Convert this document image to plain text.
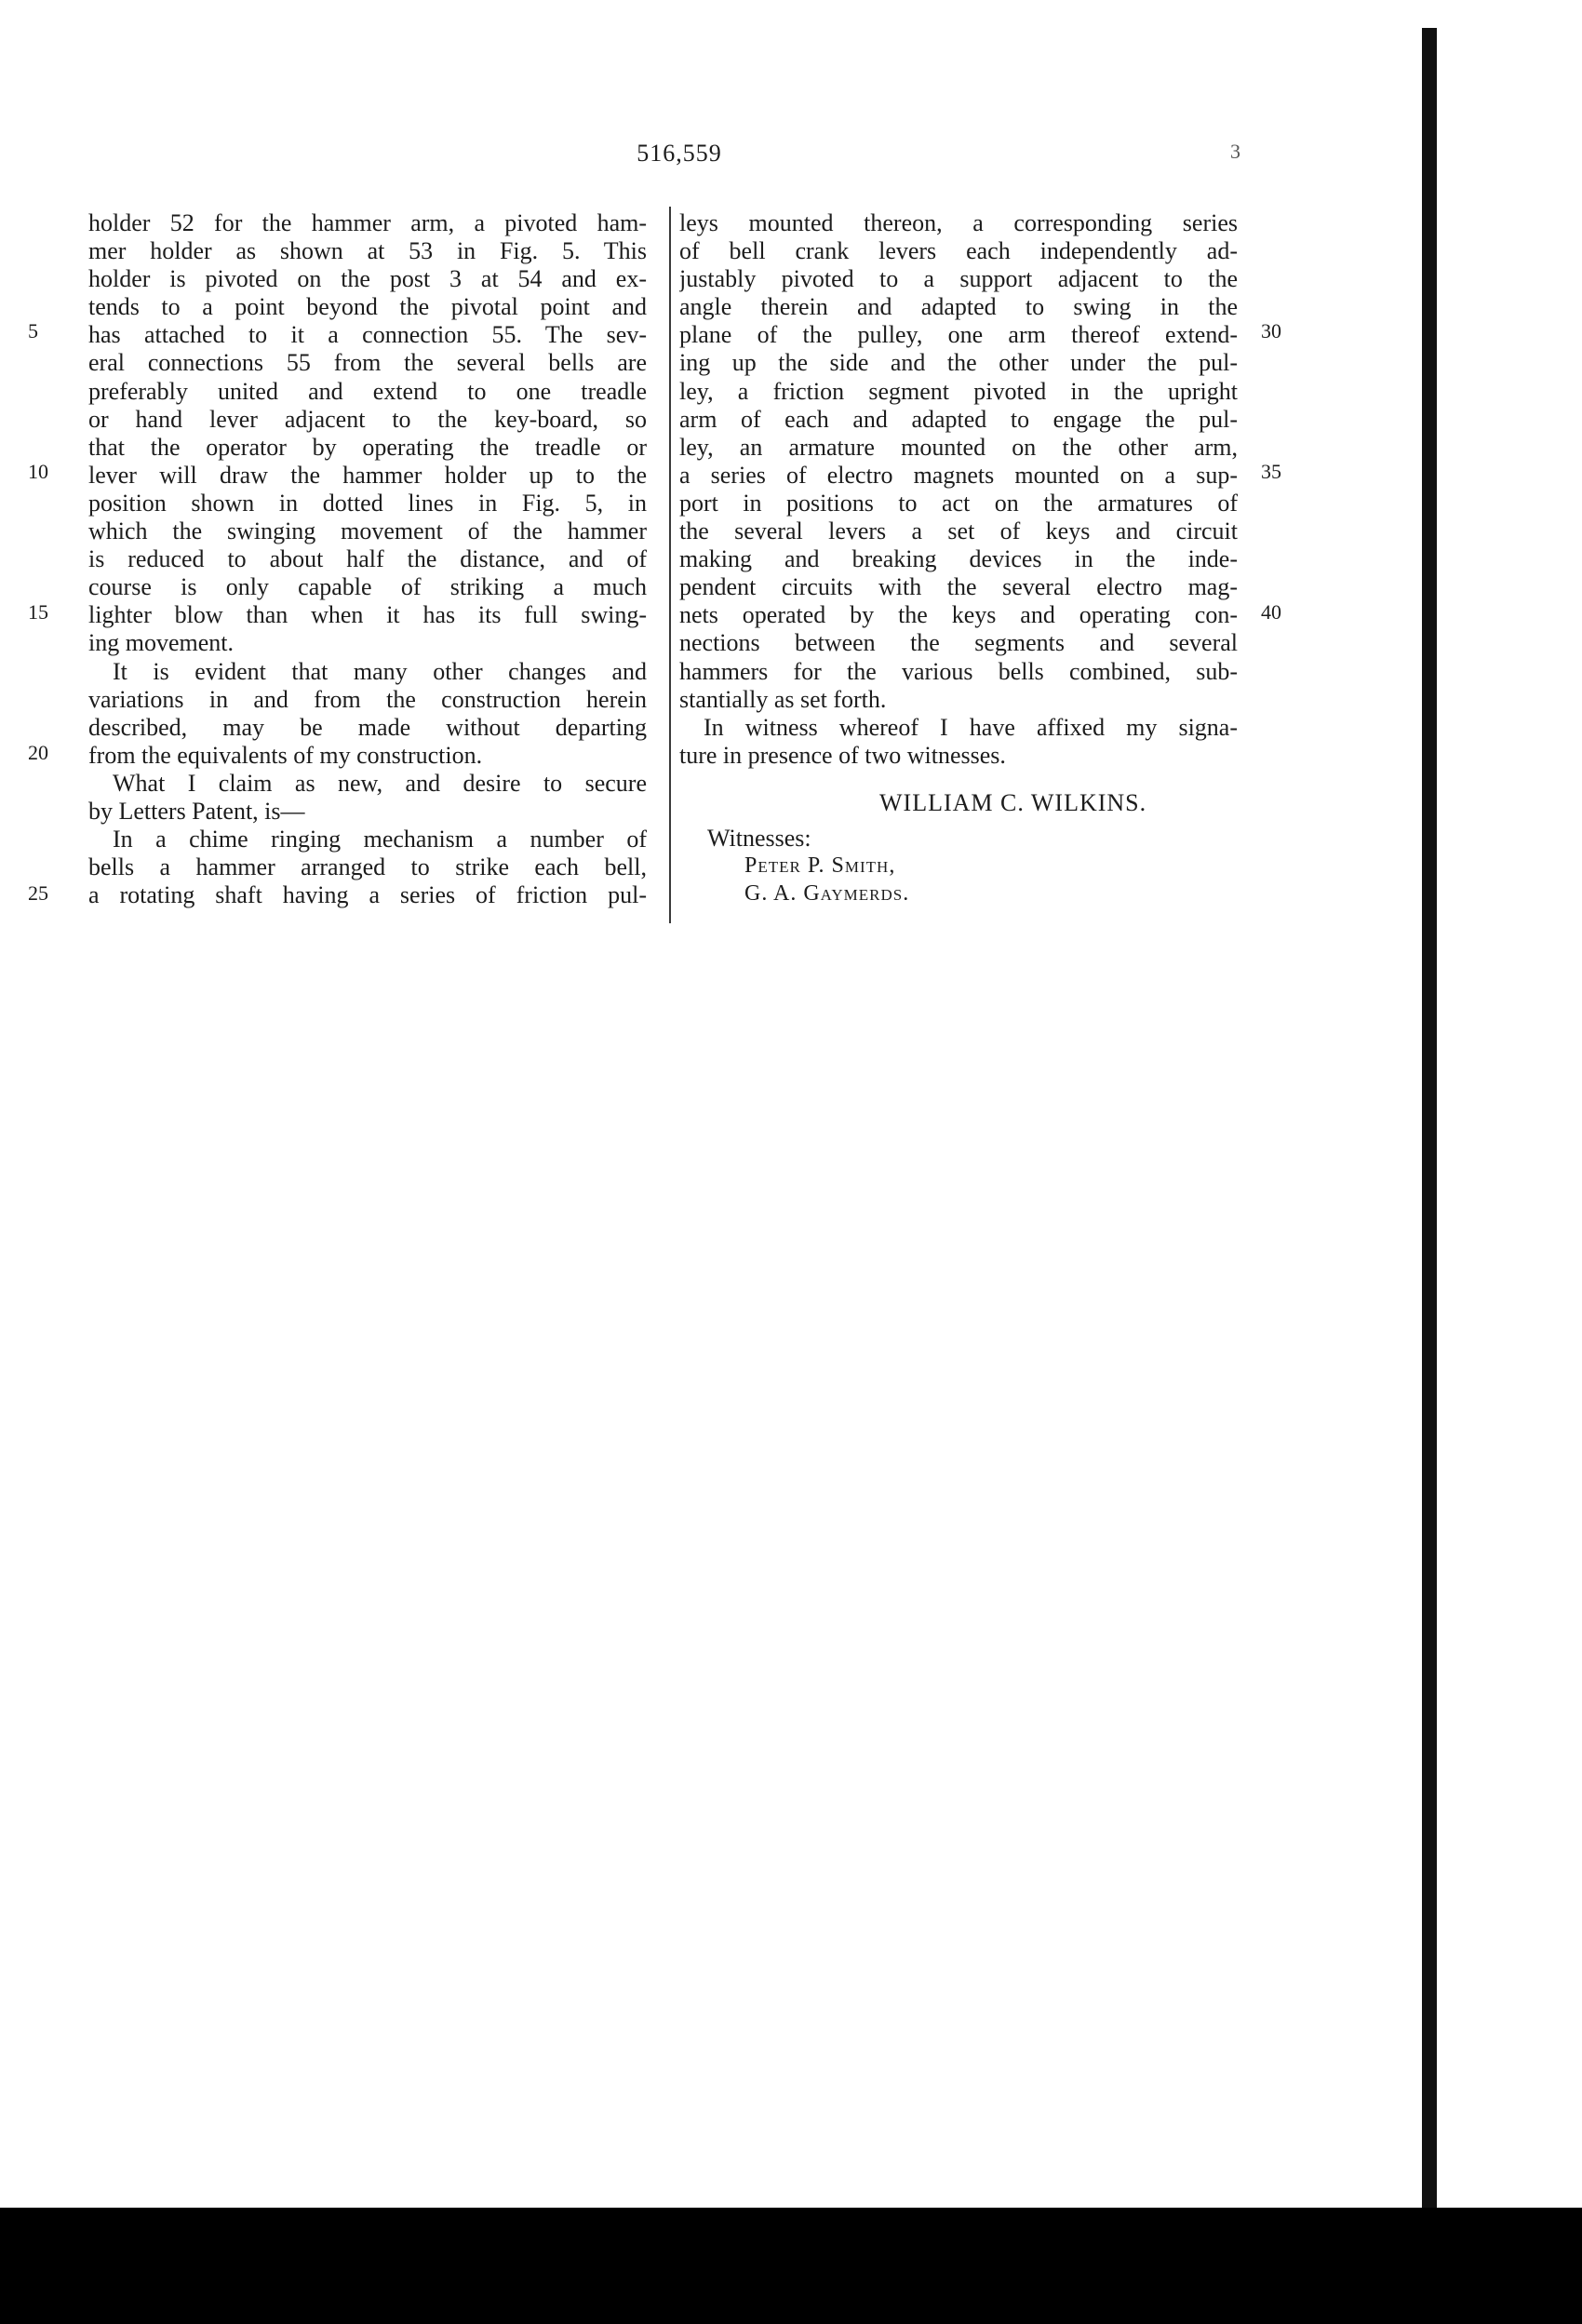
516,559	3
holder 52 for the hammer arm, a pivoted ham-
mer holder as shown at 53 in Fig. 5. This
holder is pivoted on the post 3 at 54 and ex-
tends to a point beyond the pivotal point and
has attached to it a connection 55. The sev-
eral connections 55 from the several bells are
preferably united and extend to one treadle
or hand lever adjacent to the key-board, so
that the operator by operating the treadle or
lever will draw the hammer holder up to the
position shown in dotted lines in Fig. 5, in
which the swinging movement of the hammer
is reduced to about half the distance, and of
course is only capable of striking a much
lighter blow than when it has its full swing-
ing movement.
It is evident that many other changes and
variations in and from the construction herein
described, may be made without departing
from the equivalents of my construction.
What I claim as new, and desire to secure
by Letters Patent, is—
In a chime ringing mechanism a number of
bells a hammer arranged to strike each bell,
a rotating shaft having a series of friction pul-
5
10
15
20
25
leys mounted thereon, a corresponding series
of bell crank levers each independently ad-
justably pivoted to a support adjacent to the
angle therein and adapted to swing in the
plane of the pulley, one arm thereof extend-
ing up the side and the other under the pul-
ley, a friction segment pivoted in the upright
arm of each and adapted to engage the pul-
ley, an armature mounted on the other arm,
a series of electro magnets mounted on a sup-
port in positions to act on the armatures of
the several levers a set of keys and circuit
making and breaking devices in the inde-
pendent circuits with the several electro mag-
nets operated by the keys and operating con-
nections between the segments and several
hammers for the various bells combined, sub-
stantially as set forth.
In witness whereof I have affixed my signa-
ture in presence of two witnesses.
30
35
40
WILLIAM C. WILKINS.
Witnesses:
Peter P. Smith,
G. A. Gaymerds.
